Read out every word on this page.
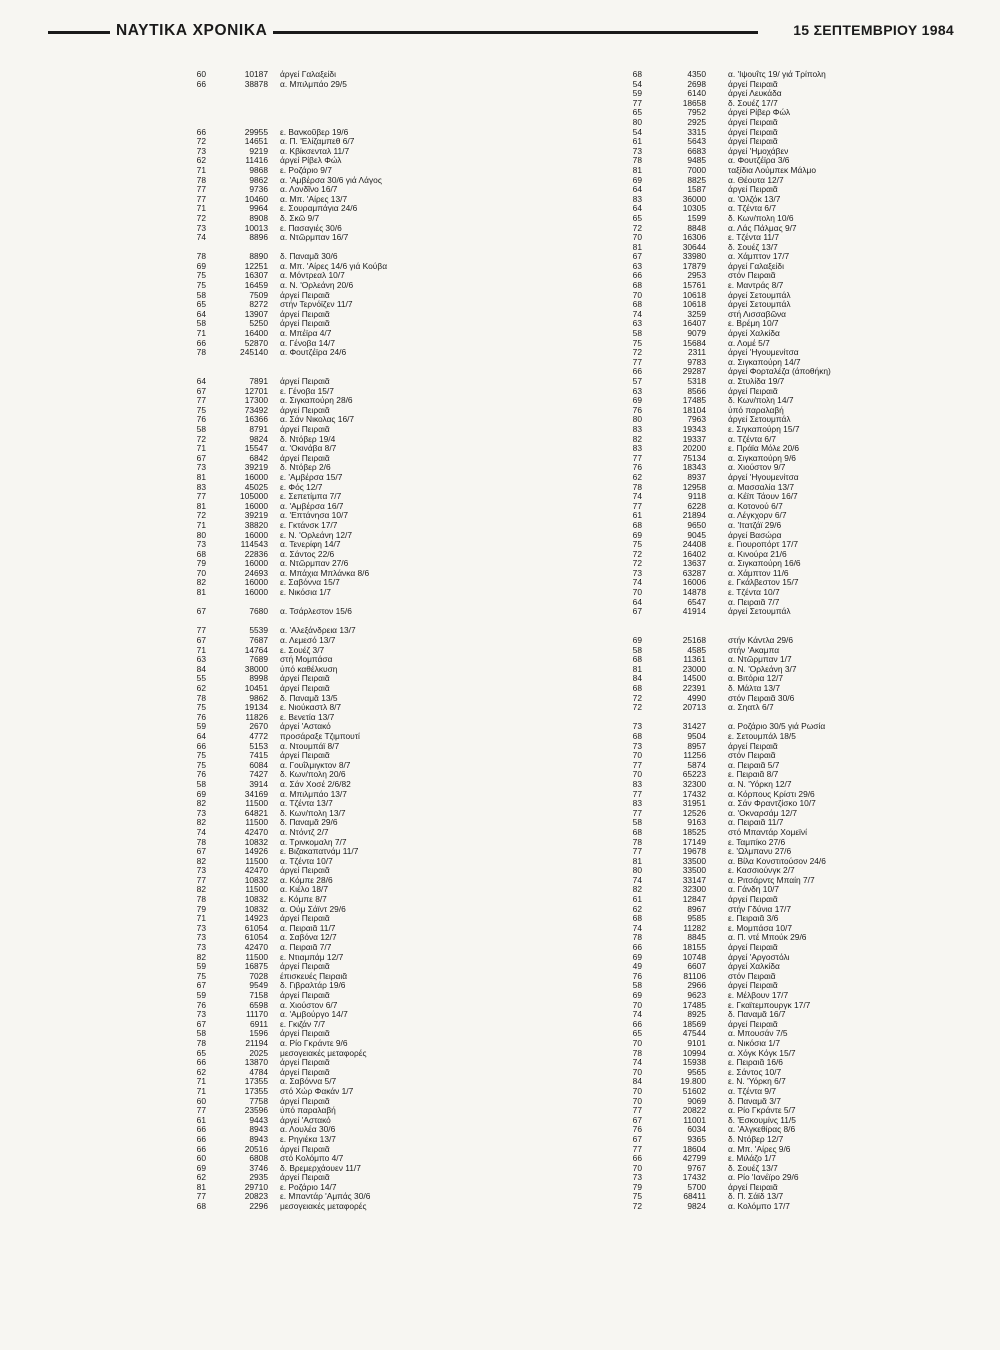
ΝΑΥΤΙΚΑ ΧΡΟΝΙΚΑ	15 ΣΕΠΤΕΜΒΡΙΟΥ 1984
60	10187 άργεί Γαλαξείδι
66	38878 α. Μπιλμπάο 29/5
66	29955 ε. Βανκοῦβερ 19/6
72	14651 α. Π. 'Ελίζαμπεθ 6/7
73	9219 α. Κβίκσενταλ 11/7
62	11416 άργεί Ρίβελ Φώλ
71	9868 ε. Ροζάριο 9/7
78	9862 α. 'Αμβέρσα 30/6 γιά Λάγος
77	9736 α. Λονδῖνο 16/7
77	10460 α. Μπ. 'Αίρες 13/7
71	9964 ε. Σουραμπάγια 24/6
72	8908 δ. Σκῶ 9/7
73	10013 ε. Πασαγιές 30/6
74	8896 α. Ντῶρμπαν 16/7
78	8890 δ. Παναμᾶ 30/6
69	12251 α. Μπ. 'Αίρες 14/6 γιά Κούβα
75	16307 α. Μόντρεαλ 10/7
75	16459 α. Ν. 'Ορλεάνη 20/6
58	7509 άργεί Πειραιᾶ
65	8272 στήν Τερνόϊζεν 11/7
64	13907 άργεί Πειραιᾶ
58	5250 άργεί Πειραιᾶ
71	16400 α. Μπέϊρα 4/7
66	52870 α. Γένοβα 14/7
78	245140 α. Φουτζέϊρα 24/6
64	7891 άργεί Πειραιᾶ
67	12701 ε. Γένοβα 15/7
77	17300 α. Σιγκαπούρη 28/6
75	73492 άργεί Πειραιᾶ
76	16366 α. Σάν Νικολας 16/7
58	8791 άργεί Πειραιᾶ
72	9824 δ. Ντόβερ 19/4
71	15547 α. 'Οκινάβα 8/7
67	6842 άργεί Πειραιᾶ
73	39219 δ. Ντόβερ 2/6
81	16000 ε. 'Αμβέρσα 15/7
83	45025 ε. Φός 12/7
77	105000 ε. Σεπετίμπα 7/7
81	16000 α. 'Αμβέρσα 16/7
72	39219 α. 'Επτάνησα 10/7
71	38820 ε. Γκτάνσκ 17/7
80	16000 ε. Ν. 'Ορλεάνη 12/7
73	114543 α. Τενερίφη 14/7
68	22836 α. Σάντος 22/6
79	16000 α. Ντῶρμπαν 27/6
70	24693 α. Μπάχια Μπλάνκα 8/6
82	16000 ε. Σαβόννα 15/7
81	16000 ε. Νικόσια 1/7
67	7680 α. Τσάρλεστον 15/6
77	5539 α. 'Αλεξάνδρεια 13/7
67	7687 α. Λεμεσό 13/7
71	14764 ε. Σουέζ 3/7
63	7689 στή Μομπάσα
84	38000 ὑπό καθέλκυση
55	8998 άργεί Πειραιᾶ
62	10451 άργεί Πειραιᾶ
78	9862 δ. Παναμᾶ 13/5
75	19134 ε. Νιούκαστλ 8/7
76	11826 ε. Βενετία 13/7
59	2670 άργεί 'Αστακό
64	4772 προσάραξε Τζιμπουτί
66	5153 α. Ντουμπάϊ 8/7
75	7415 άργεί Πειραιᾶ
75	6084 α. Γουΐλμιγκτον 8/7
76	7427 δ. Κων/πολη 20/6
58	3914 α. Σάν Χοσέ 2/6/82
69	34169 α. Μπιλμπάο 13/7
82	11500 α. Τζέντα 13/7
73	64821 δ. Κων/πολη 13/7
82	11500 δ. Παναμᾶ 29/6
74	42470 α. Ντόντζ 2/7
78	10832 α. Τρινκομαλη 7/7
67	14926 ε. Βιζακαπατνάμ 11/7
82	11500 α. Τζέντα 10/7
73	42470 άργεί Πειραιᾶ
77	10832 α. Κόμπε 28/6
82	11500 α. Κιέλο 18/7
78	10832 ε. Κόμπε 8/7
79	10832 α. Ούμ Σάϊντ 29/6
71	14923 άργεί Πειραιᾶ
73	61054 α. Πειραιᾶ 11/7
73	61054 α. Σαβόνα 12/7
73	42470 α. Πειραιᾶ 7/7
82	11500 ε. Ντιαμπάμ 12/7
59	16875 άργεί Πειραιᾶ
75	7028 έπισκευές Πειραιᾶ
67	9549 δ. Γιβραλτάρ 19/6
59	7158 άργεί Πειραιᾶ
76	6598 α. Χιούστον 6/7
73	11170 α. 'Αμβούργο 14/7
67	6911 ε. Γκιζάν 7/7
58	1596 άργεί Πειραιᾶ
78	21194 α. Ρίο Γκράντε 9/6
65	2025 μεσογειακές μεταφορές
66	13870 άργεί Πειραιᾶ
62	4784 άργεί Πειραιᾶ
71	17355 α. Σαβόννα 5/7
71	17355 στό Χώρ Φακάν 1/7
60	7758 άργεί Πειραιᾶ
77	23596 ὑπό παραλαβή
61	9443 άργεί 'Αστακό
66	8943 α. Λουλέα 30/6
66	8943 ε. Ρηγιέκα 13/7
66	20516 άργεί Πειραιᾶ
60	6808 στό Κολόμπο 4/7
69	3746 δ. Βρεμερχάουεν 11/7
62	2935 άργεί Πειραιᾶ
81	29710 ε. Ροζάριο 14/7
77	20823 ε. Μπαντάρ 'Αμπάς 30/6
68	2296 μεσογειακές μεταφορές
68	4350	α. 'Ιψουΐτς 19/ γιά Τρίπολη
54	2698	άργεί Πειραιᾶ
59	6140	άργεί Λευκάδα
77	18658	δ. Σουέζ 17/7
65	7952	άργεί Ρίβερ Φώλ
80	2925	άργεί Πειραιᾶ
54	3315	άργεί Πειραιᾶ
61	5643	άργεί Πειραιᾶ
73	6683	άργεί 'Ημοχάβεν
78	9485	α. Φουτζέϊρα 3/6
81	7000	ταξίδια Λούμπεκ Μάλμο
69	8825	α. Θέουτα 12/7
64	1587	άργεί Πειραιᾶ
83	36000	α. 'Ολζόκ 13/7
64	10305	α. Τζέντα 6/7
65	1599	δ. Κων/πολη 10/6
72	8848	α. Λάς Πάλμας 9/7
70	16306	ε. Τζέντα 11/7
81	30644	δ. Σουέζ 13/7
67	33980	α. Χάμπτον 17/7
63	17879	άργεί Γαλαξείδι
66	2953	στόν Πειραιᾶ
68	15761	ε. Μαντράς 8/7
70	10618	άργεί Σετουμπάλ
68	10618	άργεί Σετουμπάλ
74	3259	στή Λισσαβῶνα
63	16407	ε. Βρέμη 10/7
58	9079	άργεί Χαλκίδα
75	15684	α. Λομέ 5/7
72	2311	άργεί 'Ηγουμενίτσα
77	9783	α. Σιγκαπούρη 14/7
66	29287	άργεί Φορταλέζα (άποθήκη)
57	5318	α. Στυλίδα 19/7
63	8566	άργεί Πειραιᾶ
69	17485	δ. Κων/πολη 14/7
76	18104	ὑπό παραλαβή
80	7963	άργεί Σετουμπάλ
83	19343	ε. Σιγκαπούρη 15/7
82	19337	α. Τζέντα 6/7
83	20200	ε. Πράϊα Μόλε 20/6
77	75134	α. Σιγκαπούρη 9/6
76	18343	α. Χιούστον 9/7
62	8937	άργεί 'Ηγουμενίτσα
78	12958	α. Μασσαλία 13/7
74	9118	α. Κέϊπ Τάουν 16/7
77	6228	α. Κοτονού 6/7
61	21894	α. Λέγκχορν 6/7
68	9650	α. 'Ιτατζάϊ 29/6
69	9045	άργεί Βασώρα
75	24408	ε. Γιουροπόρτ 17/7
72	16402	α. Κινούρα 21/6
72	13637	α. Σιγκαπούρη 16/6
73	63287	α. Χάμπτον 11/6
74	16006	ε. Γκάλβεστον 15/7
70	14878	ε. Τζέντα 10/7
64	6547	α. Πειραιᾶ 7/7
67	41914	άργεί Σετουμπάλ
69	25168	στήν Κάντλα 29/6
58	4585	στήν 'Ακαμπα
68	11361	α. Ντῶρμπαν 1/7
81	23000	α. Ν. 'Ορλεάνη 3/7
84	14500	α. Βιτόρια 12/7
68	22391	δ. Μάλτα 13/7
72	4990	στόν Πειραιᾶ 30/6
72	20713	α. Σηατλ 6/7
73	31427	α. Ροζάριο 30/5 γιά Ρωσία
68	9504	ε. Σετουμπάλ 18/5
73	8957	άργεί Πειραιᾶ
70	11256	στόν Πειραιᾶ
77	5874	α. Πειραιᾶ 5/7
70	65223	ε. Πειραιᾶ 8/7
83	32300	α. Ν. 'Υόρκη 12/7
77	17432	α. Κόρπους Κρίστι 29/6
83	31951	α. Σάν Φραντζίσκο 10/7
77	12526	α. 'Οκναρσάμ 12/7
58	9163	α. Πειραιᾶ 11/7
68	18525	στό Μπαντάρ Χομεϊνί
78	17149	ε. Ταμπίκο 27/6
77	19678	ε. 'Ωλμπανυ 27/6
81	33500	α. Βίλα Κονστιτούσον 24/6
80	33500	ε. Κασσιούνγκ 2/7
74	33147	α. Ριτσάρντς Μπαίη 7/7
82	32300	α. Γάνδη 10/7
61	12847	άργεί Πειραιᾶ
62	8967	στήν Γδύνια 17/7
68	9585	ε. Πειραιᾶ 3/6
74	11282	ε. Μομπάσα 10/7
78	8845	α. Π. ντέ Μπούκ 29/6
66	18155	άργεί Πειραιᾶ
69	10748	άργεί 'Αργοστόλι
49	6607	άργεί Χαλκίδα
76	81106	στόν Πειραιᾶ
58	2966	άργεί Πειραιᾶ
69	9623	ε. Μέλβουν 17/7
70	17485	ε. Γκαϊτεμπουργκ 17/7
74	8925	δ. Παναμᾶ 16/7
66	18569	άργεί Πειραιᾶ
65	47544	α. Μπουσάν 7/5
70	9101	α. Νικόσια 1/7
78	10994	α. Χόγκ Κόγκ 15/7
74	15938	ε. Πειραιᾶ 16/6
70	9565	ε. Σάντος 10/7
84	19.800	ε. Ν. 'Υόρκη 6/7
70	51602	α. Τζέντα 9/7
70	9069	δ. Παναμᾶ 3/7
77	20822	α. Ρίο Γκράντε 5/7
67	11001	δ. 'Εσκουμίνς 11/5
76	6034	α. 'Αλγκεθίρας 8/6
67	9365	δ. Ντόβερ 12/7
77	18604	α. Μπ. 'Αίρες 9/6
66	42799	ε. Μιλάζο 1/7
70	9767	δ. Σουέζ 13/7
73	17432	α. Ρίο 'Ιανέϊρο 29/6
79	5700	άργεί Πειραιᾶ
75	68411	δ. Π. Σάϊδ 13/7
72	9824	α. Κολόμπο 17/7
